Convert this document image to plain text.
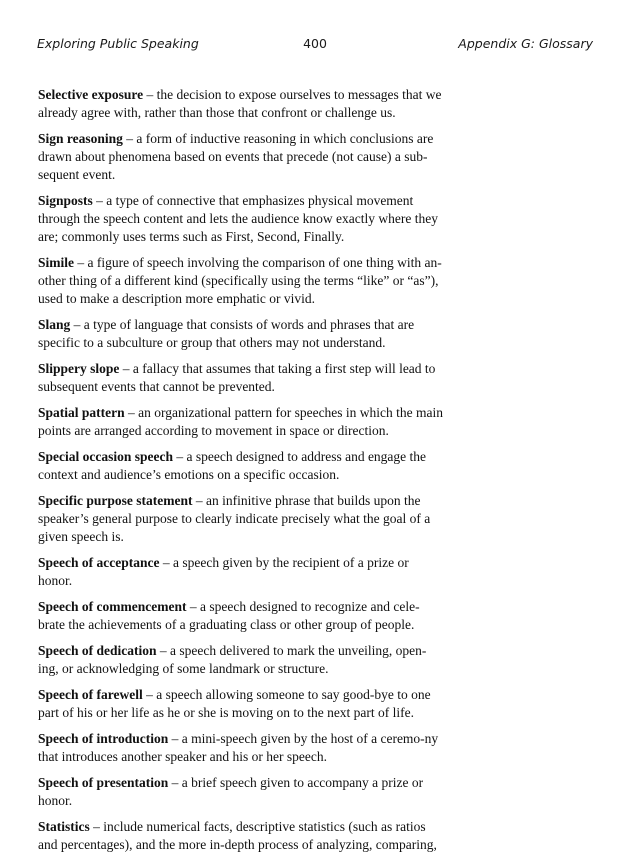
Exploring Public Speaking	400	Appendix G: Glossary

Selective exposure – the decision to expose ourselves to messages that we already agree with, rather than those that confront or challenge us.

Sign reasoning – a form of inductive reasoning in which conclusions are drawn about phenomena based on events that precede (not cause) a sub-sequent event.

Signposts – a type of connective that emphasizes physical movement through the speech content and lets the audience know exactly where they are; commonly uses terms such as First, Second, Finally.

Simile – a figure of speech involving the comparison of one thing with an-other thing of a different kind (specifically using the terms “like” or “as”), used to make a description more emphatic or vivid.

Slang – a type of language that consists of words and phrases that are specific to a subculture or group that others may not understand.

Slippery slope – a fallacy that assumes that taking a first step will lead to subsequent events that cannot be prevented.

Spatial pattern – an organizational pattern for speeches in which the main points are arranged according to movement in space or direction.

Special occasion speech – a speech designed to address and engage the context and audience’s emotions on a specific occasion.

Specific purpose statement – an infinitive phrase that builds upon the speaker’s general purpose to clearly indicate precisely what the goal of a given speech is.

Speech of acceptance – a speech given by the recipient of a prize or honor.

Speech of commencement – a speech designed to recognize and cele-brate the achievements of a graduating class or other group of people.

Speech of dedication – a speech delivered to mark the unveiling, open-ing, or acknowledging of some landmark or structure.

Speech of farewell – a speech allowing someone to say good-bye to one part of his or her life as he or she is moving on to the next part of life.

Speech of introduction – a mini-speech given by the host of a ceremo-ny that introduces another speaker and his or her speech.

Speech of presentation – a brief speech given to accompany a prize or honor.

Statistics – include numerical facts, descriptive statistics (such as ratios and percentages), and the more in-depth process of analyzing, comparing,
